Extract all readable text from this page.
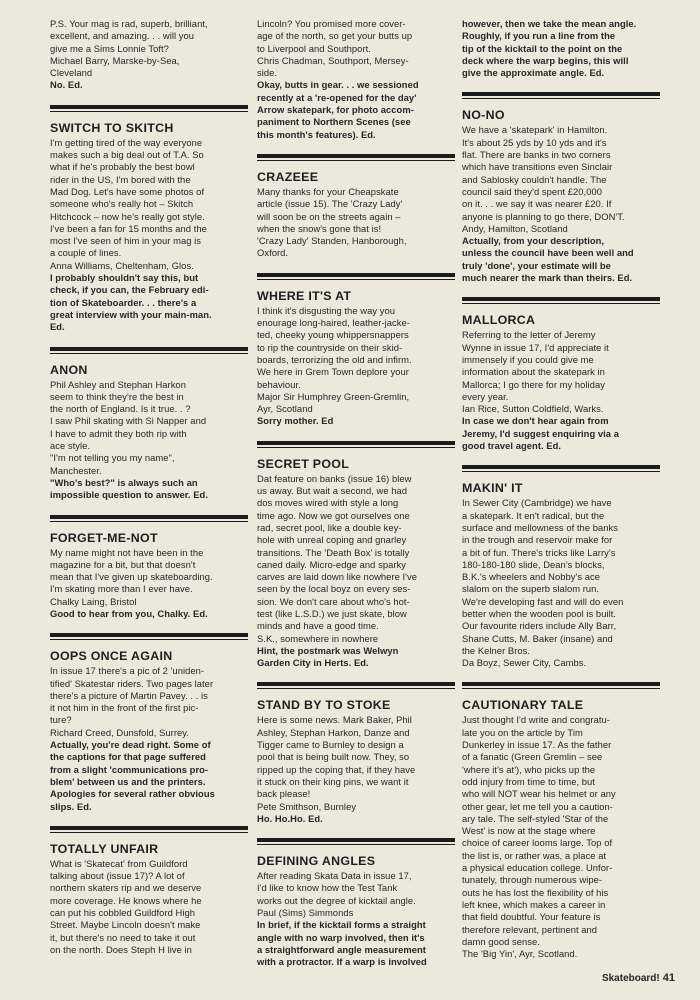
P.S. Your mag is rad, superb, brilliant,

excellent, and amazing. . . will you

give me a Sims Lonnie Toft?

Michael Barry, Marske-by-Sea,

Cleveland

No. Ed.

SWITCH TO SKITCH

I'm getting tired of the way everyone

makes such a big deal out of T.A. So

what if he's probably the best bowl

rider in the US, I'm bored with the

Mad Dog. Let's have some photos of

someone who's really hot – Skitch

Hitchcock – now he's really got style.

I've been a fan for 15 months and the

most I've seen of him in your mag is

a couple of lines.

Anna Williams, Cheltenham, Glos.

I probably shouldn't say this, but

check, if you can, the February edi-

tion of Skateboarder. . . there's a

great interview with your main-man.

Ed.

ANON

Phil Ashley and Stephan Harkon

seem to think they're the best in

the north of England. Is it true. . ?

I saw Phil skating with Si Napper and

I have to admit they both rip with

ace style.

"I'm not telling you my name",

Manchester.

"Who's best?" is always such an

impossible question to answer. Ed.

FORGET-ME-NOT

My name might not have been in the

magazine for a bit, but that doesn't

mean that I've given up skateboarding.

I'm skating more than I ever have.

Chalky Laing, Bristol

Good to hear from you, Chalky. Ed.

OOPS ONCE AGAIN

In issue 17 there's a pic of 2 'uniden-

tified' Skatestar riders. Two pages later

there's a picture of Martin Pavey. . . is

it not him in the front of the first pic-

ture?

Richard Creed, Dunsfold, Surrey.

Actually, you're dead right. Some of

the captions for that page suffered

from a slight 'communications pro-

blem' between us and the printers.

Apologies for several rather obvious

slips. Ed.

TOTALLY UNFAIR

What is 'Skatecat' from Guildford

talking about (issue 17)? A lot of

northern skaters rip and we deserve

more coverage. He knows where he

can put his cobbled Guildford High

Street. Maybe Lincoln doesn't make

it, but there's no need to take it out

on the north. Does Steph H live in

Lincoln? You promised more cover-

age of the north, so get your butts up

to Liverpool and Southport.

Chris Chadman, Southport, Mersey-

side.

Okay, butts in gear. . . we sessioned

recently at a 're-opened for the day'

Arrow skatepark, for photo accom-

paniment to Northern Scenes (see

this month's features). Ed.

CRAZEEE

Many thanks for your Cheapskate

article (issue 15). The 'Crazy Lady'

will soon be on the streets again –

when the snow's gone that is!

'Crazy Lady' Standen, Hanborough,

Oxford.

WHERE IT'S AT

I think it's disgusting the way you

enourage long-haired, leather-jacke-

ted, cheeky young whippersnappers

to rip the countryside on their skid-

boards, terrorizing the old and infirm.

We here in Grem Town deplore your

behaviour.

Major Sir Humphrey Green-Gremlin,

Ayr, Scotland

Sorry mother. Ed

SECRET POOL

Dat feature on banks (issue 16) blew

us away. But wait a second, we had

dos moves wired with style a long

time ago. Now we got ourselves one

rad, secret pool, like a double key-

hole with unreal coping and gnarley

transitions. The 'Death Box' is totally

caned daily. Micro-edge and sparky

carves are laid down like nowhere I've

seen by the local boyz on every ses-

sion. We don't care about who's hot-

test (like L.S.D.) we just skate, blow

minds and have a good time.

S.K., somewhere in nowhere

Hint, the postmark was Welwyn

Garden City in Herts. Ed.

STAND BY TO STOKE

Here is some news. Mark Baker, Phil

Ashley, Stephan Harkon, Danze and

Tigger came to Burnley to design a

pool that is being built now. They, so

ripped up the coping that, if they have

it stuck on their king pins, we want it

back please!

Pete Smithson, Burnley

Ho. Ho.Ho. Ed.

DEFINING ANGLES

After reading Skata Data in issue 17,

I'd like to know how the Test Tank

works out the degree of kicktail angle.

Paul (Sims) Simmonds

In brief, if the kicktail forms a straight

angle with no warp involved, then it's

a straightforward angle measurement

with a protractor. If a warp is involved

however, then we take the mean angle.

Roughly, if you run a line from the

tip of the kicktail to the point on the

deck where the warp begins, this will

give the approximate angle. Ed.

NO-NO

We have a 'skatepark' in Hamilton.

It's about 25 yds by 10 yds and it's

flat. There are banks in two corners

which have transitions even Sinclair

and Sablosky couldn't handle. The

council said they'd spent £20,000

on it. . . we say it was nearer £20. If

anyone is planning to go there, DON'T.

Andy, Hamilton, Scotland

Actually, from your description,

unless the council have been well and

truly 'done', your estimate will be

much nearer the mark than theirs. Ed.

MALLORCA

Referring to the letter of Jeremy

Wynne in issue 17, I'd appreciate it

immensely if you could give me

information about the skatepark in

Mallorca; I go there for my holiday

every year.

Ian Rice, Sutton Coldfield, Warks.

In case we don't hear again from

Jeremy, I'd suggest enquiring via a

good travel agent. Ed.

MAKIN' IT

In Sewer City (Cambridge) we have

a skatepark. It en't radical, but the

surface and mellowness of the banks

in the trough and reservoir make for

a bit of fun. There's tricks like Larry's

180-180-180 slide, Dean's blocks,

B.K.'s wheelers and Nobby's ace

slalom on the superb slalom run.

We're developing fast and will do even

better when the wooden pool is built.

Our favourite riders include Ally Barr,

Shane Cutts, M. Baker (insane) and

the Kelner Bros.

Da Boyz, Sewer City, Cambs.

CAUTIONARY TALE

Just thought I'd write and congratu-

late you on the article by Tim

Dunkerley in issue 17. As the father

of a fanatic (Green Gremlin – see

'where it's at'), who picks up the

odd injury from time to time, but

who will NOT wear his helmet or any

other gear, let me tell you a caution-

ary tale. The self-styled 'Star of the

West' is now at the stage where

choice of career looms large. Top of

the list is, or rather was, a place at

a physical education college. Unfor-

tunately, through numerous wipe-

outs he has lost the flexibility of his

left knee, which makes a career in

that field doubtful. Your feature is

therefore relevant, pertinent and

damn good sense.

The 'Big Yin', Ayr, Scotland.

Skateboard! 41
